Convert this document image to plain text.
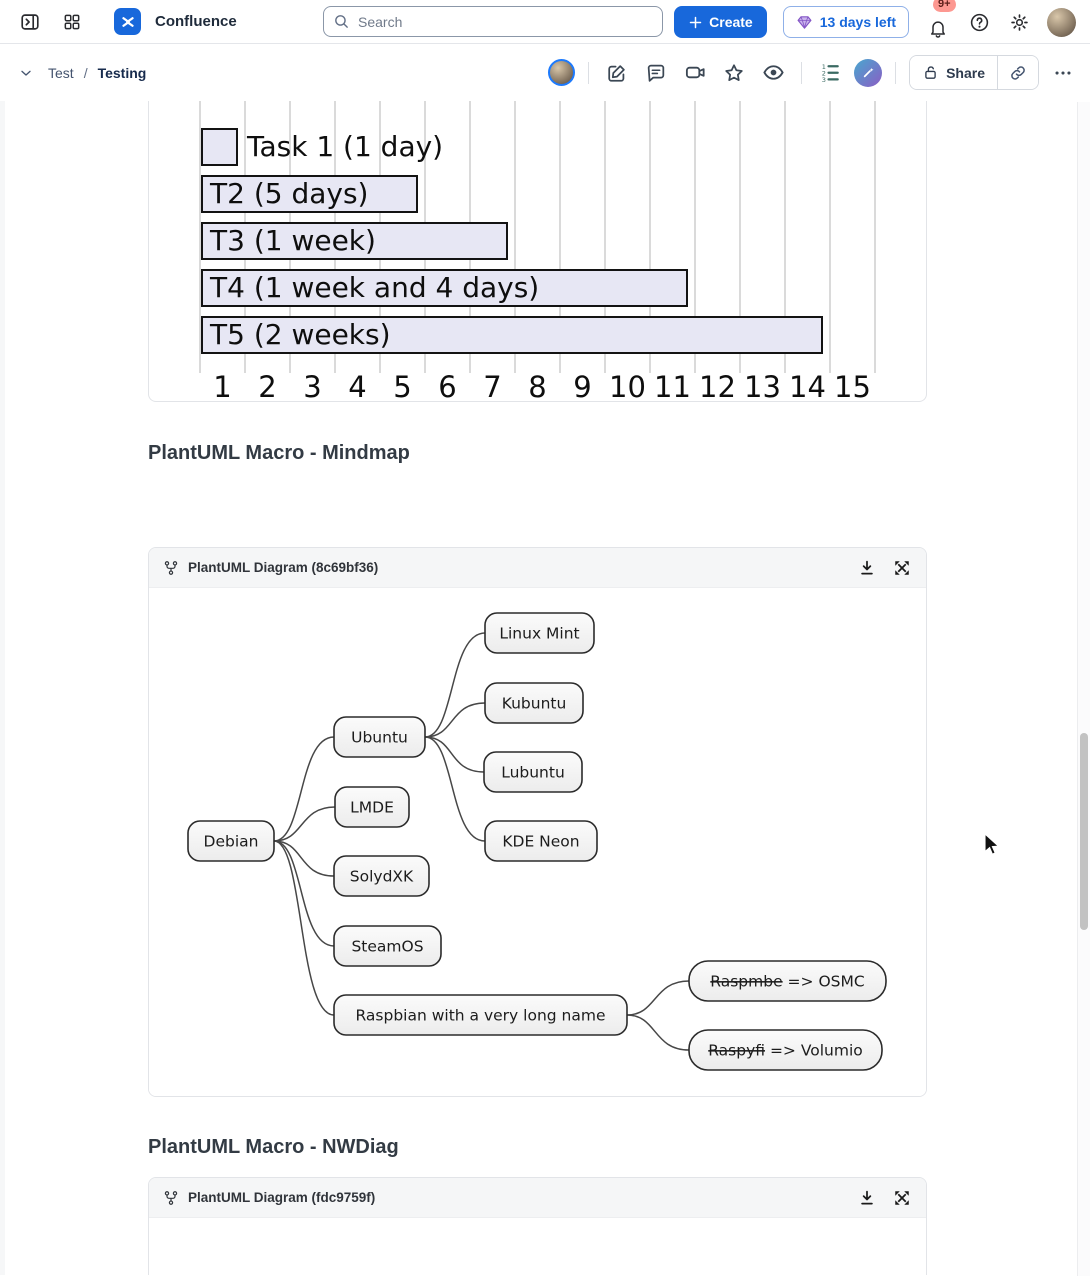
Confluence
Search	Create	13 days left
9+
Test / Testing	1
2
3	Share
Task 1 (1 day)
T2 (5 days)
T3 (1 week)
T4 (1 week and 4 days)
T5 (2 weeks)
1 2 3 4 5 6 7 8 9 10 11 12 13 14 15
PlantUML Macro - Mindmap
PlantUML Diagram (8c69bf36)
Debian
Ubuntu
Linux Mint
Kubuntu
Lubuntu
KDE Neon
LMDE
SolydXK
SteamOS
Raspbian with a very long name
Raspmbe => OSMC
Raspyfi => Volumio
PlantUML Macro - NWDiag
PlantUML Diagram (fdc9759f)
